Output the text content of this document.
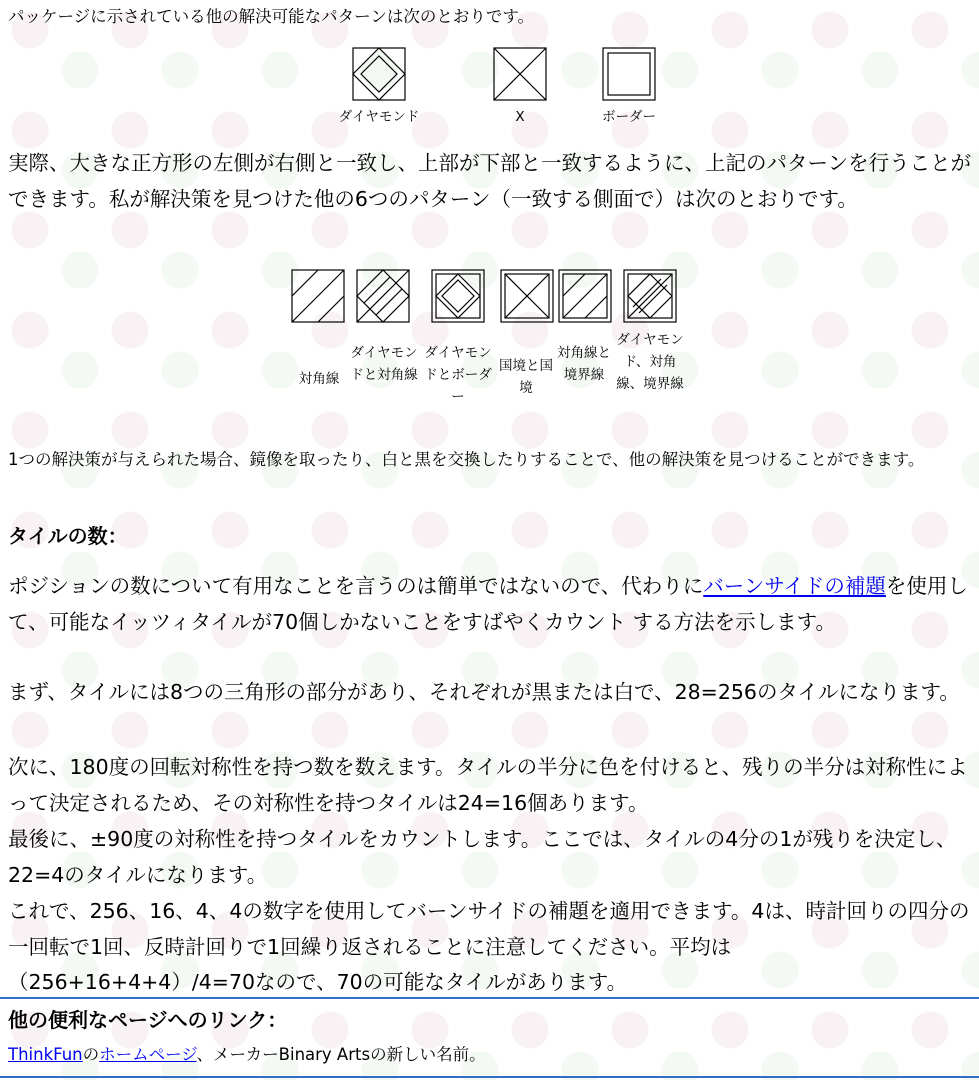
パッケージに示されている他の解決可能なパターンは次のとおりです。

ダイヤモンド	X	ボーダー

実際、大きな正方形の左側が右側と一致し、上部が下部と一致するように、上記のパターンを行うことができます。私が解決策を見つけた他の6つのパターン（一致する側面で）は次のとおりです。

対角線
ダイヤモンドと対角線
ダイヤモンドとボーダー
国境と国境
対角線と境界線
ダイヤモンド、対角線、境界線

1つの解決策が与えられた場合、鏡像を取ったり、白と黒を交換したりすることで、他の解決策を見つけることができます。

タイルの数：

ポジションの数について有用なことを言うのは簡単ではないので、代わりにバーンサイドの補題を使用して、可能なイッツィタイルが70個しかないことをすばやくカウント する方法を示します。

まず、タイルには8つの三角形の部分があり、それぞれが黒または白で、28=256のタイルになります。

次に、180度の回転対称性を持つ数を数えます。タイルの半分に色を付けると、残りの半分は対称性によって決定されるため、その対称性を持つタイルは24=16個あります。

最後に、±90度の対称性を持つタイルをカウントします。ここでは、タイルの4分の1が残りを決定し、22=4のタイルになります。

これで、256、16、4、4の数字を使用してバーンサイドの補題を適用できます。4は、時計回りの四分の一回転で1回、反時計回りで1回繰り返されることに注意してください。平均は（256+16+4+4）/4=70なので、70の可能なタイルがあります。

他の便利なページへのリンク：

ThinkFunのホームページ、メーカーBinary Artsの新しい名前。
